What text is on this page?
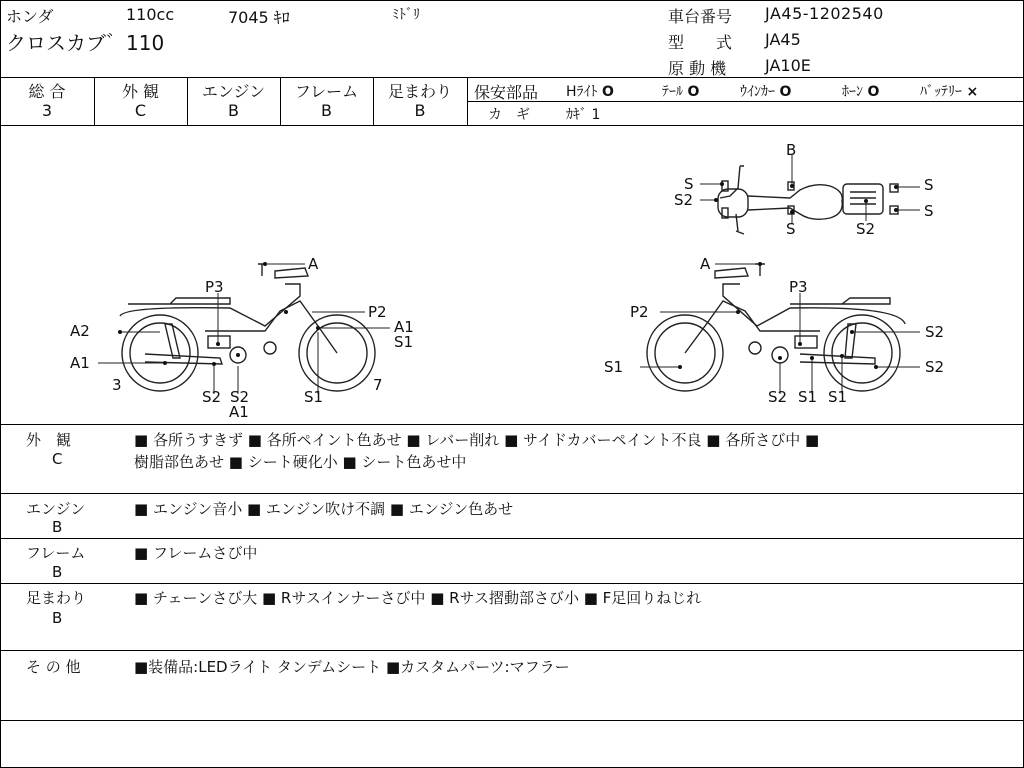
ホンダ	110cc	7045 ｷﾛ	ﾐﾄﾞﾘ
クロスカブ゛110
車台番号 JA45-1202540
型　　式 JA45
原 動 機 JA10E
総 合
3
外 観
C
エンジン
B
フレーム
B
足まわり
B
保安部品 Hﾗｲﾄ O	ﾃｰﾙ O	ｳｲﾝｶｰ O	ﾎｰﾝ O	ﾊﾞｯﾃﾘｰ ×
カ　ギ	ｶｷﾞ 1
B
S
S2
S
S
S2
S
A
P3
P2
A2
A1
S1
A1
3
S2 S2
A1
S1
7
A
P3
P2
S2
S1	S2
S2 S1 S1
外　観
C
■ 各所うすきず ■ 各所ペイント色あせ ■ レバー削れ ■ サイドカバーペイント不良 ■ 各所さび中 ■
樹脂部色あせ ■ シート硬化小 ■ シート色あせ中
エンジン
B
■ エンジン音小 ■ エンジン吹け不調 ■ エンジン色あせ
フレーム
B
■ フレームさび中
足まわり
B
■ チェーンさび大 ■ Rサスインナーさび中 ■ Rサス摺動部さび小 ■ F足回りねじれ
そ の 他	■装備品:LEDライト タンデムシート ■カスタムパーツ:マフラー
